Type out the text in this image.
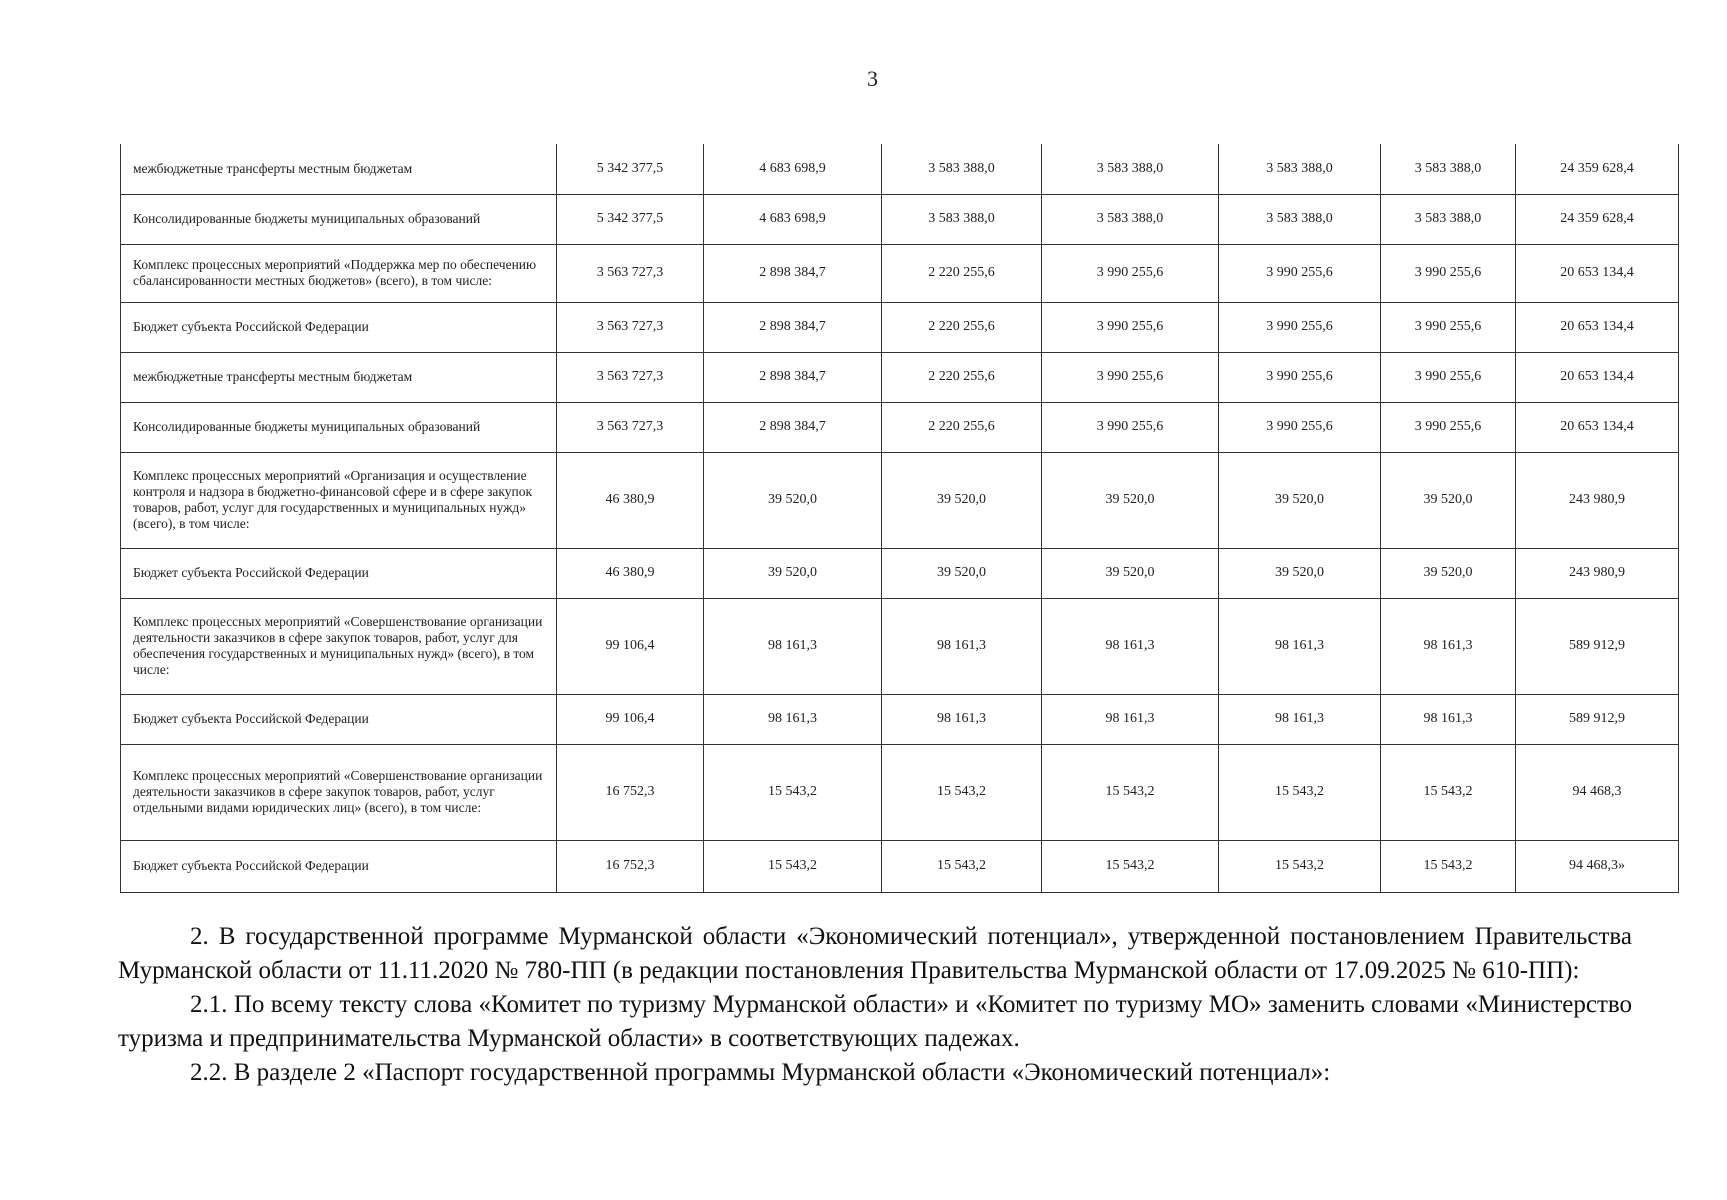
3
межбюджетные трансферты местным бюджетам	5 342 377,5	4 683 698,9	3 583 388,0	3 583 388,0	3 583 388,0	3 583 388,0	24 359 628,4
Консолидированные бюджеты муниципальных образований	5 342 377,5	4 683 698,9	3 583 388,0	3 583 388,0	3 583 388,0	3 583 388,0	24 359 628,4
Комплекс процессных мероприятий «Поддержка мер по обеспечению сбалансированности местных бюджетов» (всего), в том числе:	3 563 727,3	2 898 384,7	2 220 255,6	3 990 255,6	3 990 255,6	3 990 255,6	20 653 134,4
Бюджет субъекта Российской Федерации	3 563 727,3	2 898 384,7	2 220 255,6	3 990 255,6	3 990 255,6	3 990 255,6	20 653 134,4
межбюджетные трансферты местным бюджетам	3 563 727,3	2 898 384,7	2 220 255,6	3 990 255,6	3 990 255,6	3 990 255,6	20 653 134,4
Консолидированные бюджеты муниципальных образований	3 563 727,3	2 898 384,7	2 220 255,6	3 990 255,6	3 990 255,6	3 990 255,6	20 653 134,4
Комплекс процессных мероприятий «Организация и осуществление контроля и надзора в бюджетно-финансовой сфере и в сфере закупок товаров, работ, услуг для государственных и муниципальных нужд» (всего), в том числе:	46 380,9	39 520,0	39 520,0	39 520,0	39 520,0	39 520,0	243 980,9
Бюджет субъекта Российской Федерации	46 380,9	39 520,0	39 520,0	39 520,0	39 520,0	39 520,0	243 980,9
Комплекс процессных мероприятий «Совершенствование организации деятельности заказчиков в сфере закупок товаров, работ, услуг для обеспечения государственных и муниципальных нужд» (всего), в том числе:	99 106,4	98 161,3	98 161,3	98 161,3	98 161,3	98 161,3	589 912,9
Бюджет субъекта Российской Федерации	99 106,4	98 161,3	98 161,3	98 161,3	98 161,3	98 161,3	589 912,9
Комплекс процессных мероприятий «Совершенствование организации деятельности заказчиков в сфере закупок товаров, работ, услуг отдельными видами юридических лиц» (всего), в том числе:	16 752,3	15 543,2	15 543,2	15 543,2	15 543,2	15 543,2	94 468,3
Бюджет субъекта Российской Федерации	16 752,3	15 543,2	15 543,2	15 543,2	15 543,2	15 543,2	94 468,3»

2. В государственной программе Мурманской области «Экономический потенциал», утвержденной постановлением Правительства Мурманской области от 11.11.2020 № 780-ПП (в редакции постановления Правительства Мурманской области от 17.09.2025 № 610-ПП):

2.1. По всему тексту слова «Комитет по туризму Мурманской области» и «Комитет по туризму МО» заменить словами «Министерство туризма и предпринимательства Мурманской области» в соответствующих падежах.

2.2. В разделе 2 «Паспорт государственной программы Мурманской области «Экономический потенциал»:
